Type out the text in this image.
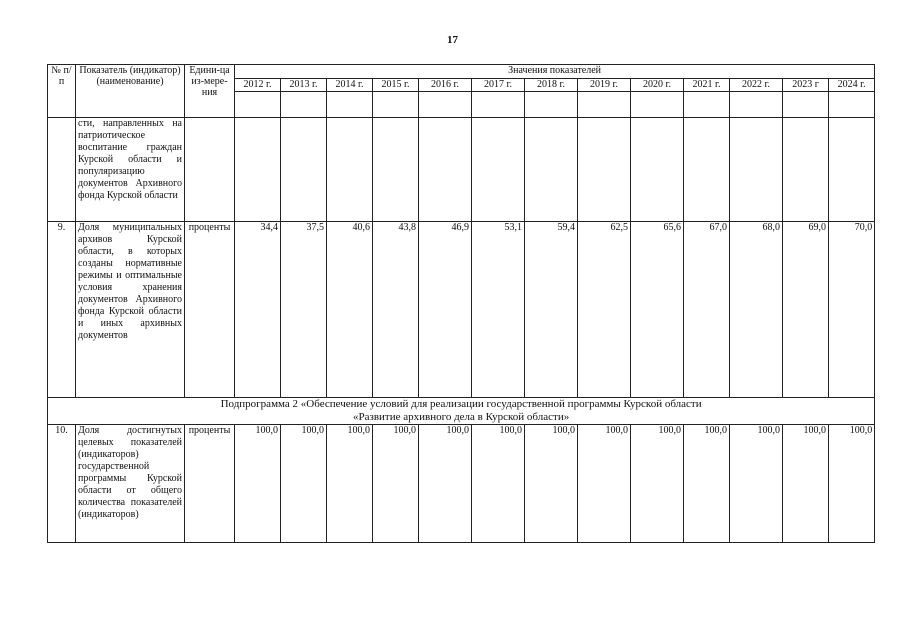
17
№ п/п	Показатель (индикатор) (наименование)	Едини-ца из-мере-ния	Значения показателей												
			2012 г.	2013 г.	2014 г.	2015 г.	2016 г.	2017 г.	2018 г.	2019 г.	2020 г.	2021 г.	2022 г.	2023 г	2024 г.

	сти, направленных на патриотическое воспитание граждан Курской области и популяризацию документов Архивного фонда Курской области														
9.	Доля муниципальных архивов Курской области, в которых созданы нормативные режимы и оптимальные условия хранения документов Архивного фонда Курской области и иных архивных документов	проценты	34,4	37,5	40,6	43,8	46,9	53,1	59,4	62,5	65,6	67,0	68,0	69,0	70,0

Подпрограмма 2 «Обеспечение условий для реализации государственной программы Курской области
«Развитие архивного дела в Курской области»															

10.	Доля достигнутых целевых показателей (индикаторов) государственной программы Курской области от общего количества показателей (индикаторов)	проценты	100,0	100,0	100,0	100,0	100,0	100,0	100,0	100,0	100,0	100,0	100,0	100,0	100,0
